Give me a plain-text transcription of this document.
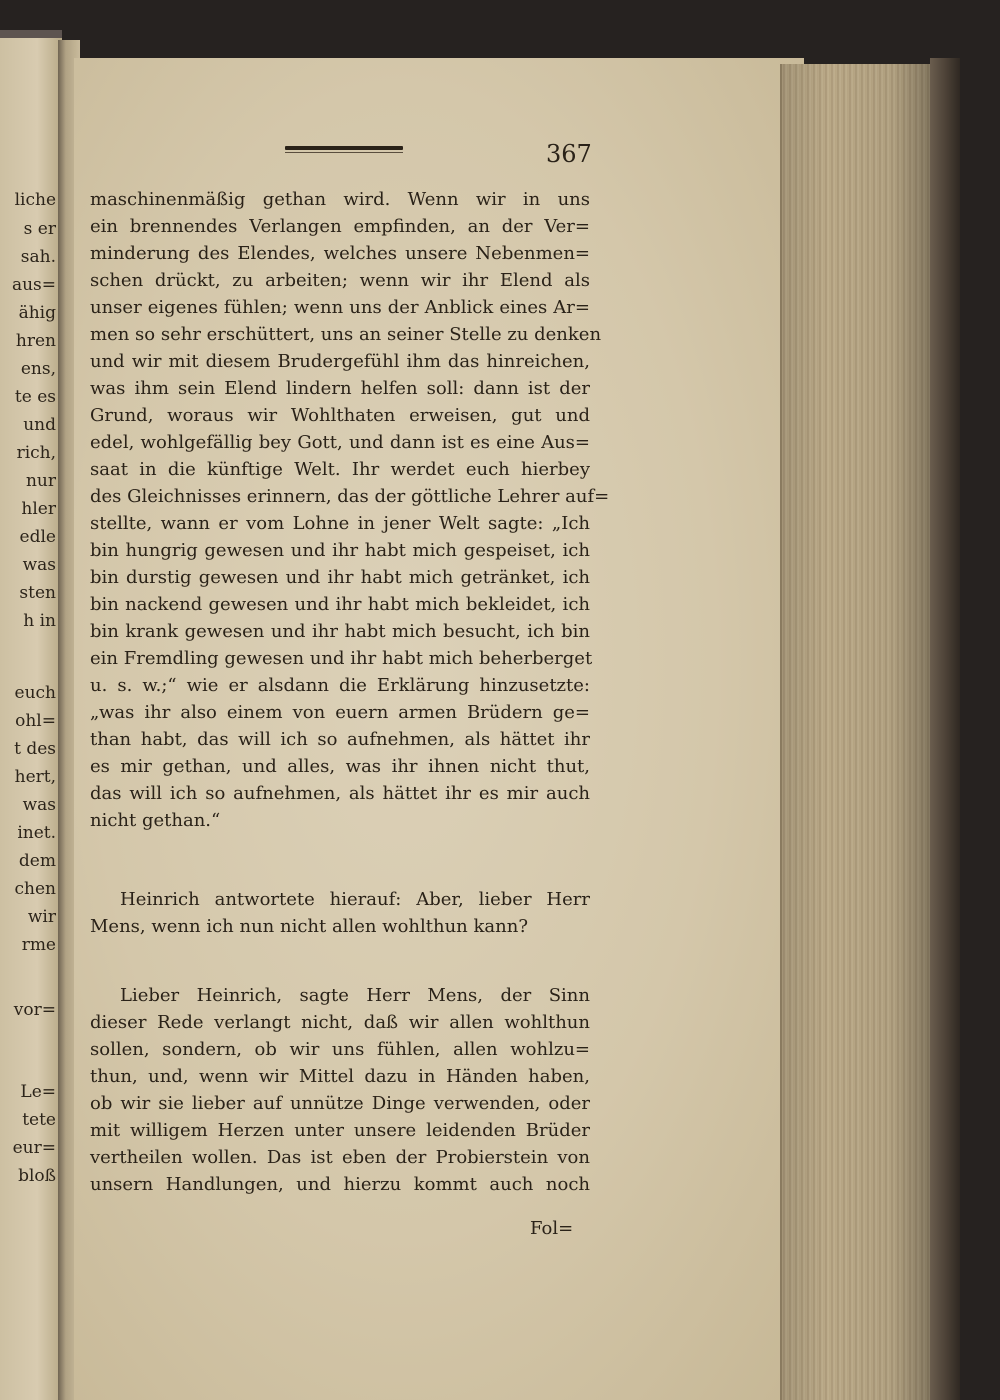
liche
s er
sah.
aus=
ähig
hren
ens,
te es
und
rich,
nur
hler
edle
was
sten
h in
euch
ohl=
t des
hert,
was
inet.
dem
chen
wir
rme
vor=
Le=
tete
eur=
bloß
367
maschinenmäßig gethan wird. Wenn wir in uns
ein brennendes Verlangen empfinden, an der Ver=
minderung des Elendes, welches unsere Nebenmen=
schen drückt, zu arbeiten; wenn wir ihr Elend als
unser eigenes fühlen; wenn uns der Anblick eines Ar=
men so sehr erschüttert, uns an seiner Stelle zu denken
und wir mit diesem Brudergefühl ihm das hinreichen,
was ihm sein Elend lindern helfen soll: dann ist der
Grund, woraus wir Wohlthaten erweisen, gut und
edel, wohlgefällig bey Gott, und dann ist es eine Aus=
saat in die künftige Welt. Ihr werdet euch hierbey
des Gleichnisses erinnern, das der göttliche Lehrer auf=
stellte, wann er vom Lohne in jener Welt sagte: „Ich
bin hungrig gewesen und ihr habt mich gespeiset, ich
bin durstig gewesen und ihr habt mich getränket, ich
bin nackend gewesen und ihr habt mich bekleidet, ich
bin krank gewesen und ihr habt mich besucht, ich bin
ein Fremdling gewesen und ihr habt mich beherberget
u. s. w.;“ wie er alsdann die Erklärung hinzusetzte:
„was ihr also einem von euern armen Brüdern ge=
than habt, das will ich so aufnehmen, als hättet ihr
es mir gethan, und alles, was ihr ihnen nicht thut,
das will ich so aufnehmen, als hättet ihr es mir auch
nicht gethan.“
Heinrich antwortete hierauf: Aber, lieber Herr
Mens, wenn ich nun nicht allen wohlthun kann?
Lieber Heinrich, sagte Herr Mens, der Sinn
dieser Rede verlangt nicht, daß wir allen wohlthun
sollen, sondern, ob wir uns fühlen, allen wohlzu=
thun, und, wenn wir Mittel dazu in Händen haben,
ob wir sie lieber auf unnütze Dinge verwenden, oder
mit willigem Herzen unter unsere leidenden Brüder
vertheilen wollen. Das ist eben der Probierstein von
unsern Handlungen, und hierzu kommt auch noch
Fol=
